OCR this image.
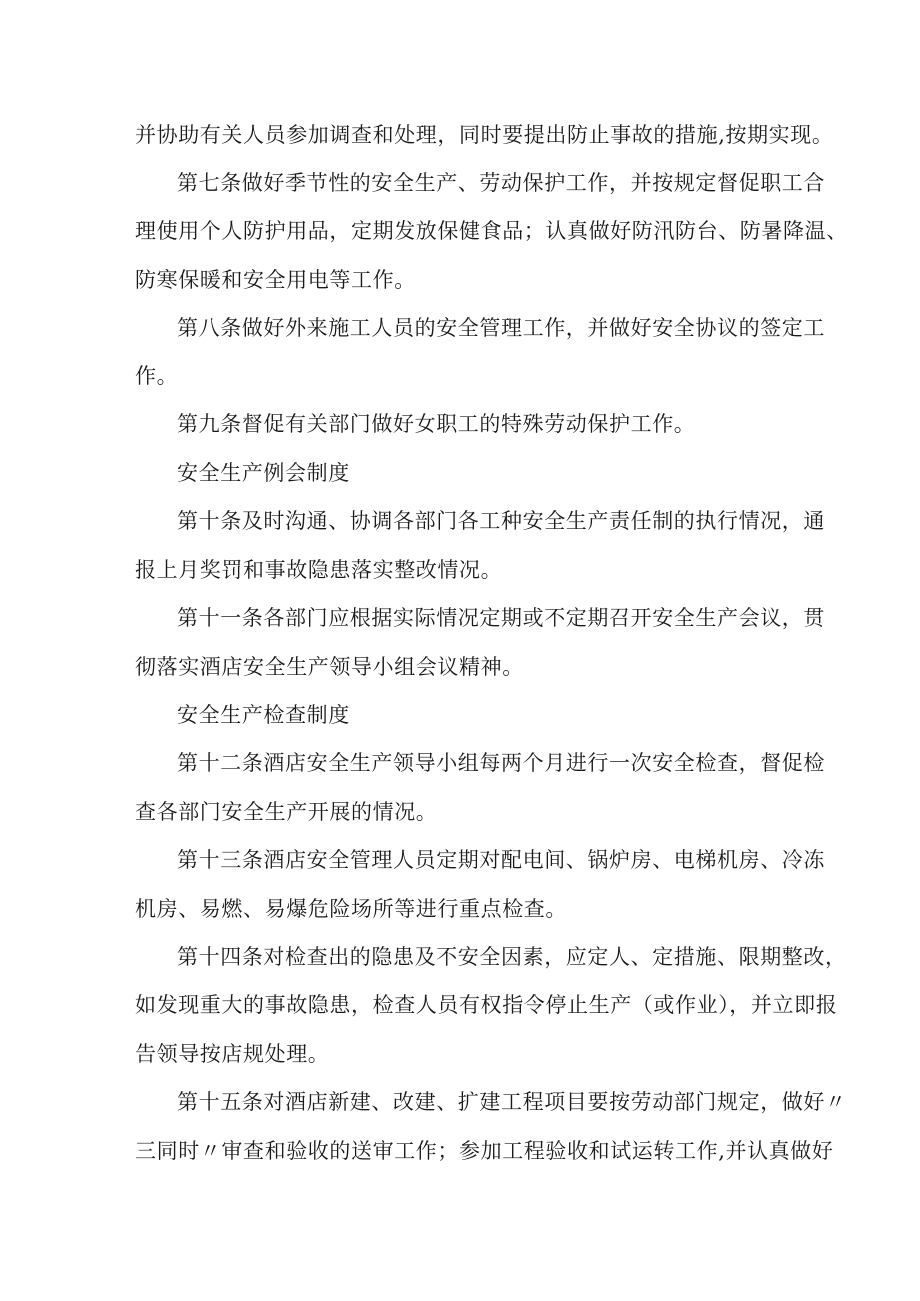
并协助有关人员参加调查和处理，同时要提出防止事故的措施,按期实现。
第七条做好季节性的安全生产、劳动保护工作，并按规定督促职工合
理使用个人防护用品，定期发放保健食品；认真做好防汛防台、防暑降温、
防寒保暖和安全用电等工作。
第八条做好外来施工人员的安全管理工作，并做好安全协议的签定工
作。
第九条督促有关部门做好女职工的特殊劳动保护工作。
安全生产例会制度
第十条及时沟通、协调各部门各工种安全生产责任制的执行情况，通
报上月奖罚和事故隐患落实整改情况。
第十一条各部门应根据实际情况定期或不定期召开安全生产会议，贯
彻落实酒店安全生产领导小组会议精神。
安全生产检查制度
第十二条酒店安全生产领导小组每两个月进行一次安全检查，督促检
查各部门安全生产开展的情况。
第十三条酒店安全管理人员定期对配电间、锅炉房、电梯机房、冷冻
机房、易燃、易爆危险场所等进行重点检查。
第十四条对检查出的隐患及不安全因素，应定人、定措施、限期整改，
如发现重大的事故隐患，检查人员有权指令停止生产（或作业），并立即报
告领导按店规处理。
第十五条对酒店新建、改建、扩建工程项目要按劳动部门规定，做好〃
三同时〃审查和验收的送审工作；参加工程验收和试运转工作,并认真做好
